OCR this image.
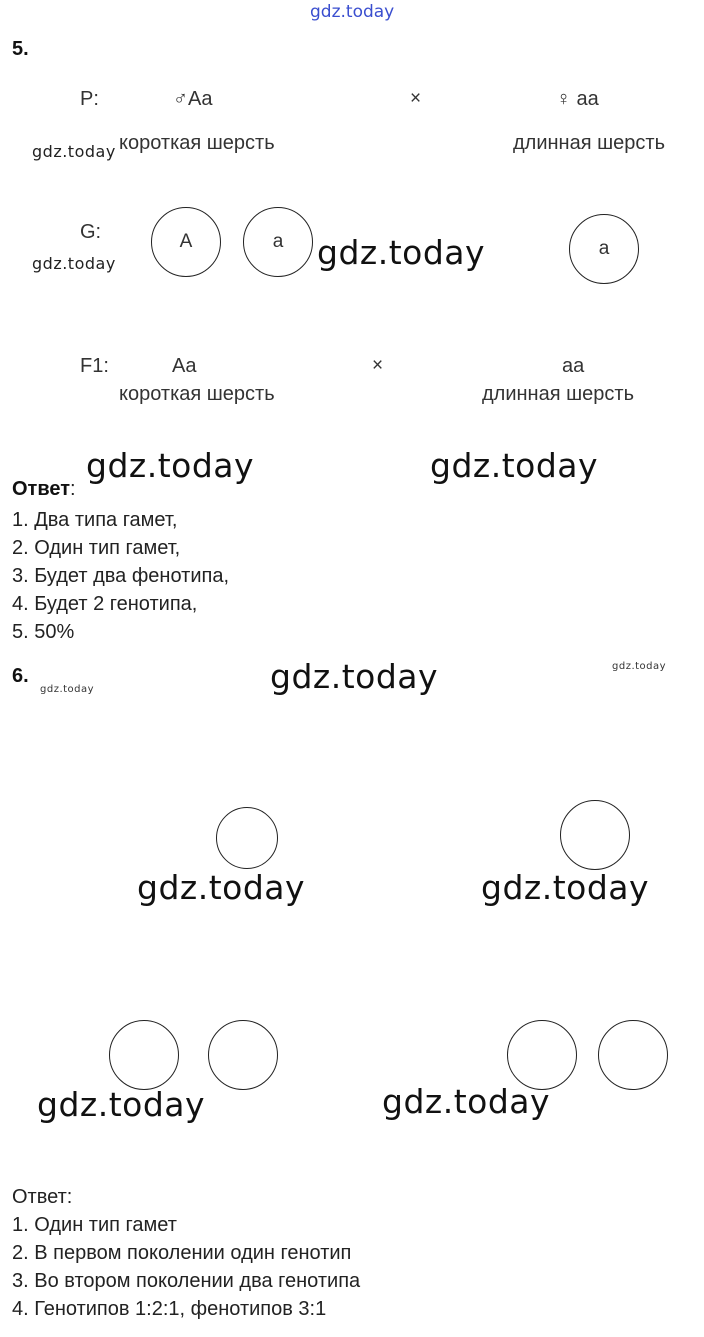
gdz.today
5.
P:	♂Aa	×	♀ aa
gdz.today короткая шерсть	длинная шерсть
G:
gdz.today
A	a gdz.today	a
F1:	Aa	×	aa
короткая шерсть	длинная шерсть
gdz.today	gdz.today
Ответ:
1. Два типа гамет,
2. Один тип гамет,
3. Будет два фенотипа,
4. Будет 2 генотипа,
5. 50%
6.
gdz.today	gdz.today	gdz.today
gdz.today	gdz.today
gdz.today	gdz.today
Ответ:
1. Один тип гамет
2. В первом поколении один генотип
3. Во втором поколении два генотипа
4. Генотипов 1:2:1, фенотипов 3:1
